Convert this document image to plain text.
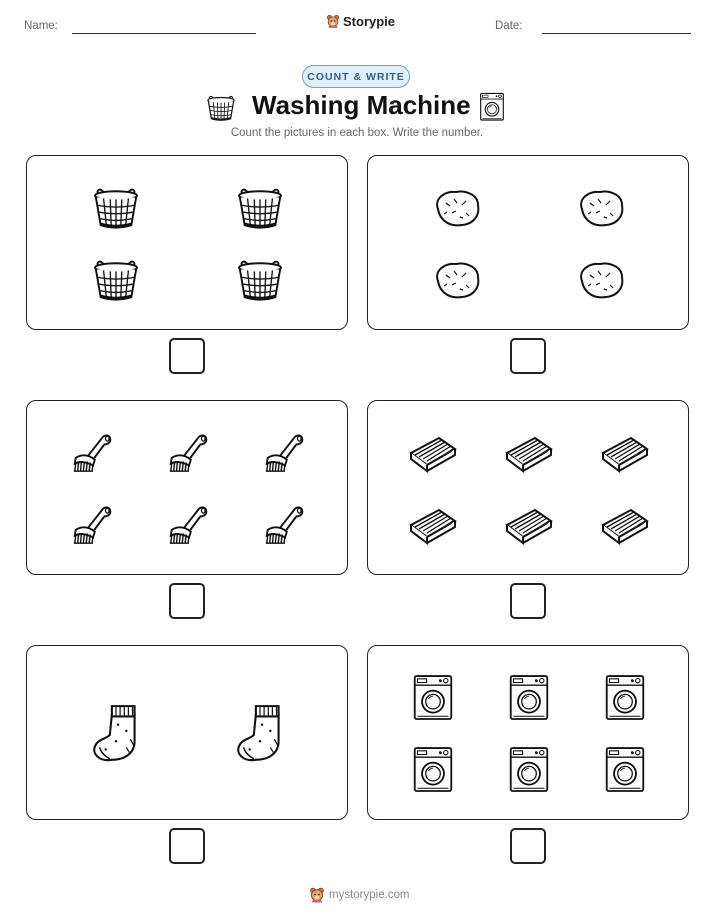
Name:	Storypie	Date:
COUNT & WRITE
Washing Machine
Count the pictures in each box. Write the number.
mystorypie.com
